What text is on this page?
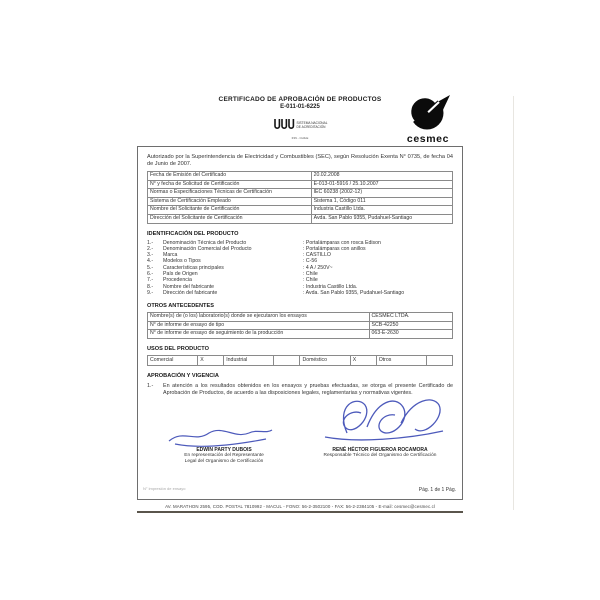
CERTIFICADO DE APROBACIÓN DE PRODUCTOS
E-011-01-6225
SISTEMA NACIONAL
DE ACREDITACIÓN
INN - CHILE	cesmec
Autorizado por la Superintendencia de Electricidad y Combustibles (SEC), según Resolución Exenta N° 0735, de fecha 04 de Junio de 2007.
Fecha de Emisión del Certificado	20.02.2008
N° y fecha de Solicitud de Certificación	E-013-01-5916 / 25.10.2007
Normas o Especificaciones Técnicas de Certificación	IEC 60238 (2002-12)
Sistema de Certificación Empleado	Sistema 1, Código 011
Nombre del Solicitante de Certificación	Industria Castillo Ltda.
Dirección del Solicitante de Certificación	Avda. San Pablo 9355, Pudahuel-Santiago
IDENTIFICACIÓN DEL PRODUCTO
1.-	Denominación Técnica del Producto	: Portalámparas con rosca Edison
2.-	Denominación Comercial del Producto	: Portalámparas con anillos
3.-	Marca	: CASTILLO
4.-	Modelos o Tipos	: C-56
5.-	Características principales	: 4 A / 250V~
6.-	País de Origen	: Chile
7.-	Procedencia	: Chile
8.-	Nombre del fabricante	: Industria Castillo Ltda.
9.-	Dirección del fabricante	: Avda. San Pablo 9355, Pudahuel-Santiago
OTROS ANTECEDENTES
Nombre(s) de (o los) laboratorio(s) donde se ejecutaron los ensayos	CESMEC LTDA.
N° de informe de ensayo de tipo	SCB-42250
N° de informe de ensayo de seguimiento de la producción	063-E-2630
USOS DEL PRODUCTO
Comercial	X	Industrial		Doméstico	X	Otros	
APROBACIÓN Y VIGENCIA
1.-	En atención a los resultados obtenidos en los ensayos y pruebas efectuadas, se otorga el presente Certificado de Aprobación de Productos, de acuerdo a las disposiciones legales, reglamentarias y normativas vigentes.
EDWIN PARTY DUBOIS
En representación del Representante
Legal del Organismo de Certificación
RENÉ HÉCTOR FIGUEROA ROCAMORA
Responsable Técnico del Organismo de Certificación
Pág. 1 de 1 Pág.
N° impresión de ensayo
AV. MARATHON 2595, COD. POSTAL 7810992 - MACUL - FONO: 56-2-3502100 - FAX: 56-2-2384105 - E-mail: cesmec@cesmec.cl
